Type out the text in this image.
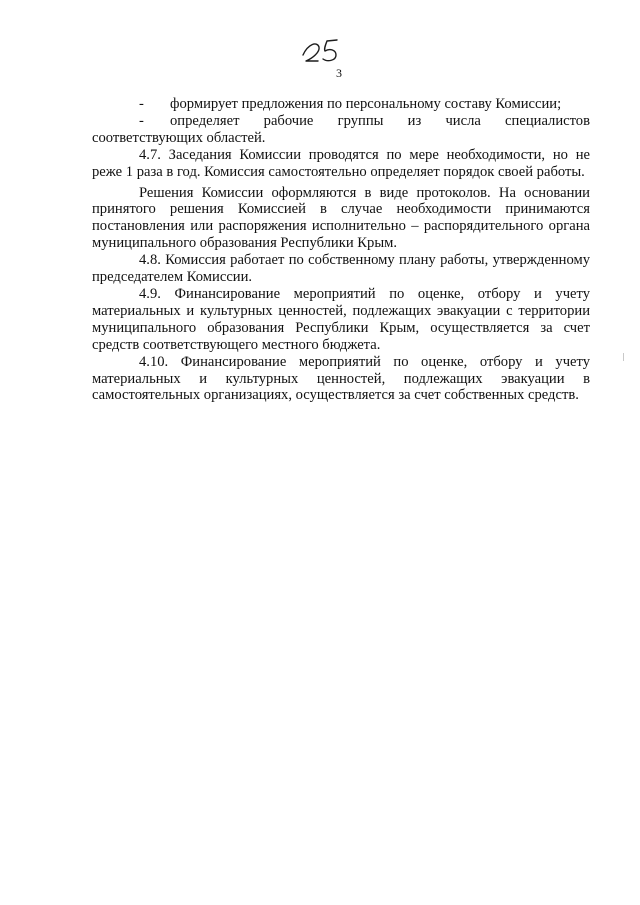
3

- формирует предложения по персональному составу Комиссии;

- определяет рабочие группы из числа специалистов соответствующих областей.

4.7. Заседания Комиссии проводятся по мере необходимости, но не реже 1 раза в год. Комиссия самостоятельно определяет порядок своей работы.

Решения Комиссии оформляются в виде протоколов. На основании принятого решения Комиссией в случае необходимости принимаются постановления или распоряжения исполнительно – распорядительного органа муниципального образования Республики Крым.

4.8. Комиссия работает по собственному плану работы, утвержденному председателем Комиссии.

4.9. Финансирование мероприятий по оценке, отбору и учету материальных и культурных ценностей, подлежащих эвакуации с территории муниципального образования Республики Крым, осуществляется за счет средств соответствующего местного бюджета.

4.10. Финансирование мероприятий по оценке, отбору и учету материальных и культурных ценностей, подлежащих эвакуации в самостоятельных организациях, осуществляется за счет собственных средств.
